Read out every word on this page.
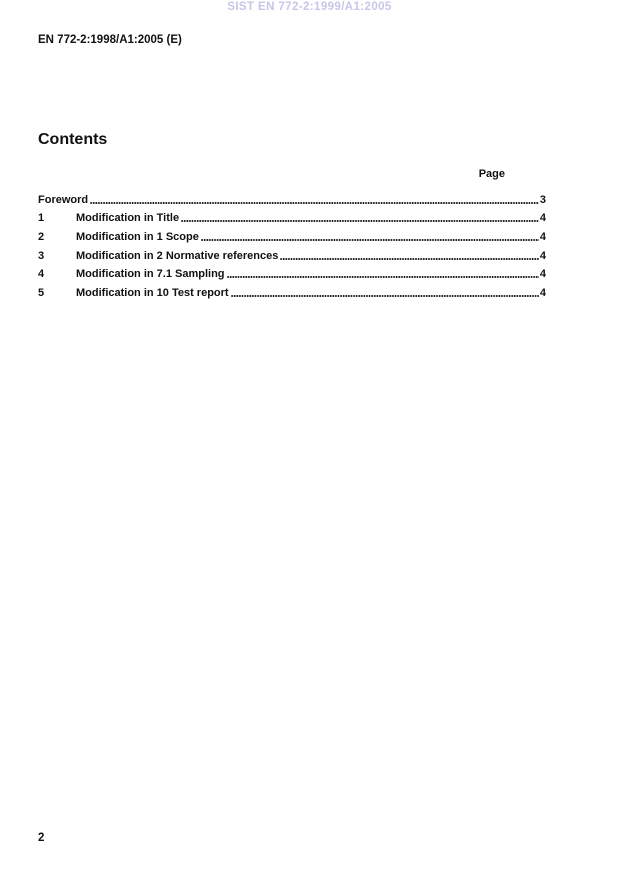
SIST EN 772-2:1999/A1:2005
EN 772-2:1998/A1:2005 (E)
Contents
Page
Foreword	3
1	Modification in Title	4
2	Modification in 1 Scope	4
3	Modification in 2 Normative references	4
4	Modification in 7.1 Sampling	4
5	Modification in 10 Test report	4
2
